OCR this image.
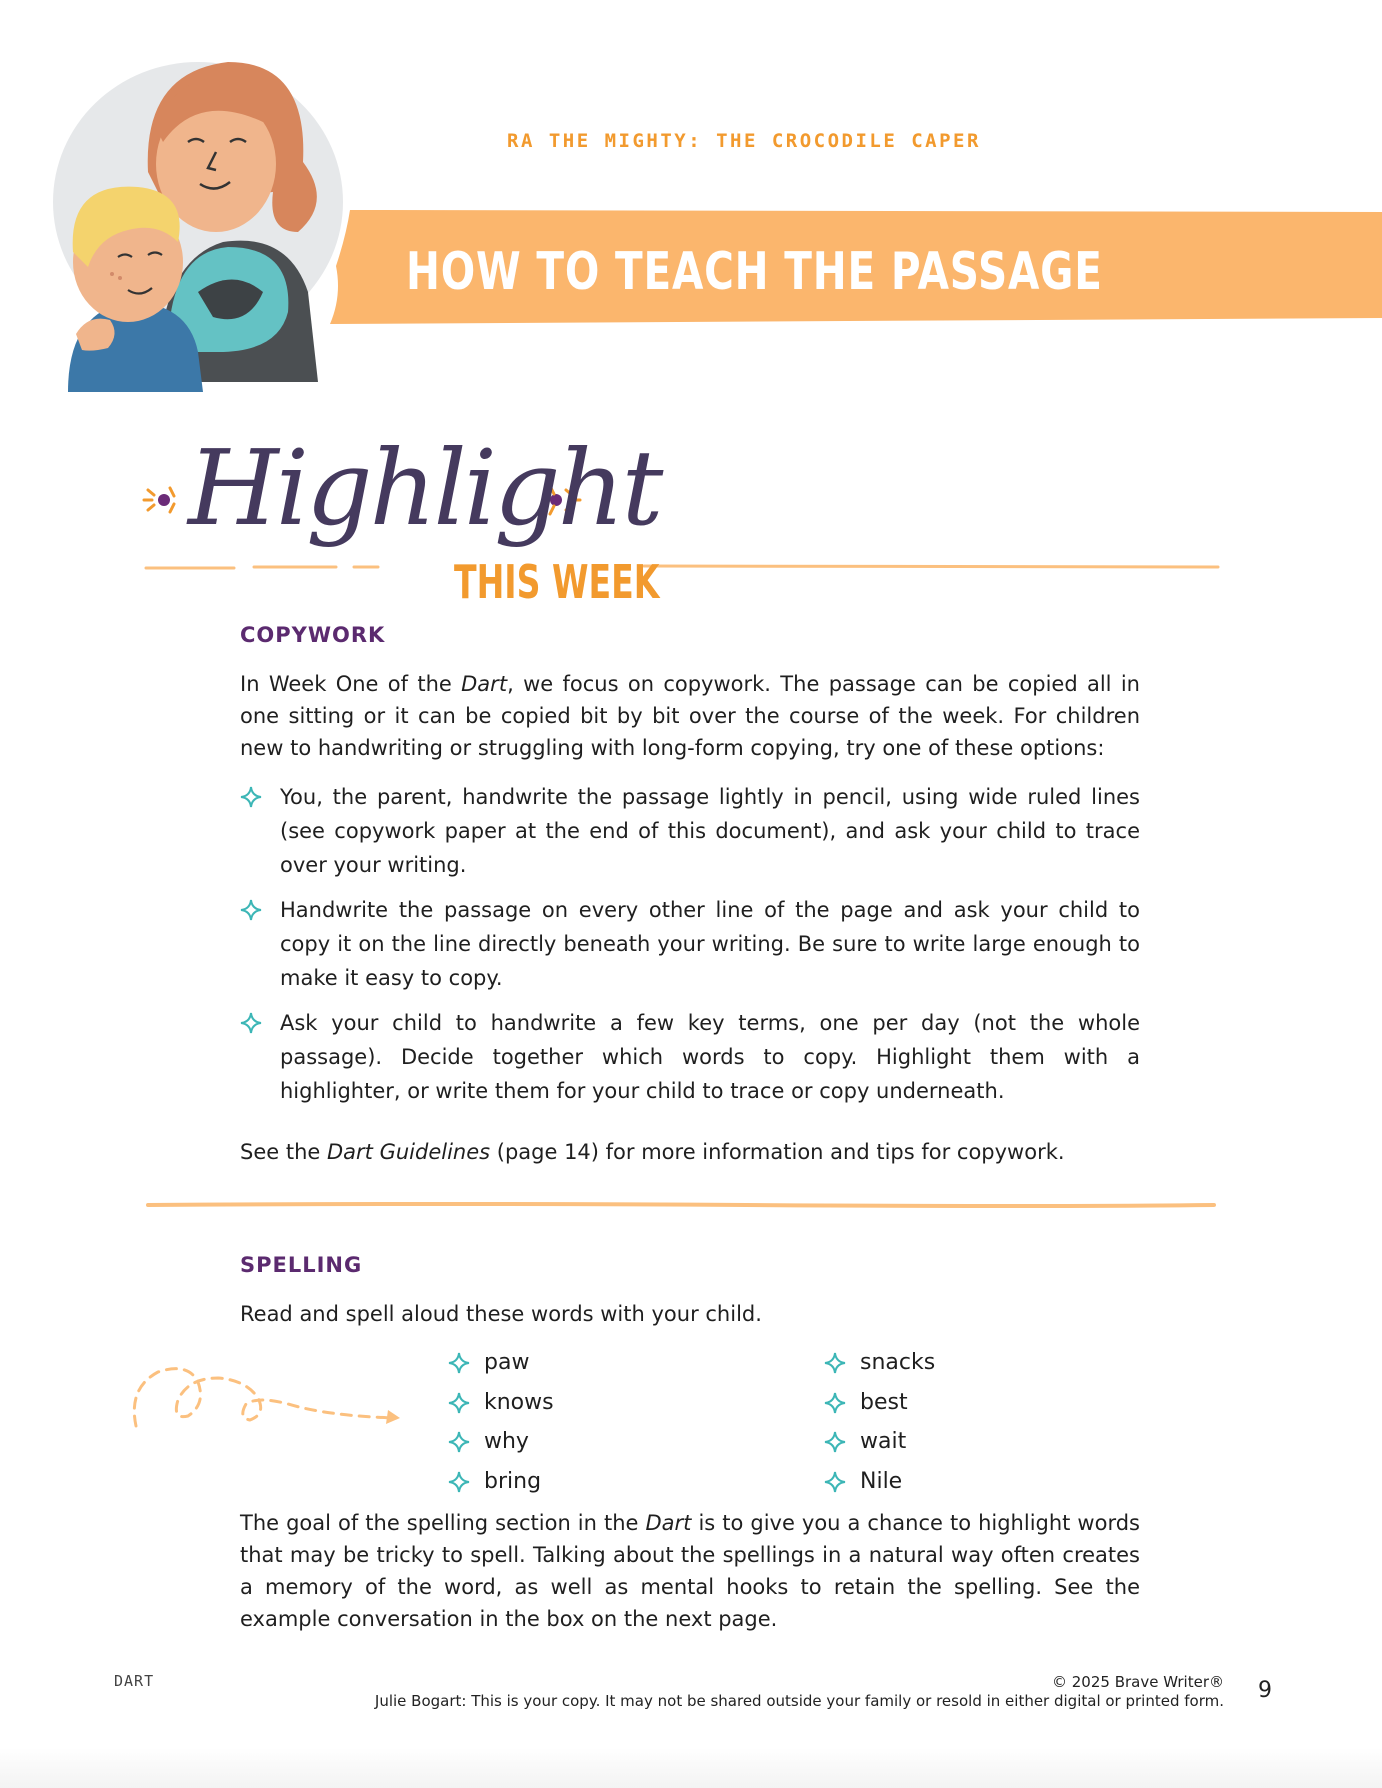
RA THE MIGHTY: THE CROCODILE CAPER
HOW TO TEACH THE PASSAGE
Highlight
THIS WEEK
COPYWORK
In Week One of the Dart, we focus on copywork. The passage can be copied all in one sitting or it can be copied bit by bit over the course of the week. For children new to handwriting or struggling with long-form copying, try one of these options:
You, the parent, handwrite the passage lightly in pencil, using wide ruled lines (see copywork paper at the end of this document), and ask your child to trace over your writing.
Handwrite the passage on every other line of the page and ask your child to copy it on the line directly beneath your writing. Be sure to write large enough to make it easy to copy.
Ask your child to handwrite a few key terms, one per day (not the whole passage). Decide together which words to copy. Highlight them with a highlighter, or write them for your child to trace or copy underneath.
See the Dart Guidelines (page 14) for more information and tips for copywork.
SPELLING
Read and spell aloud these words with your child.
paw
knows
why
bring
snacks
best
wait
Nile
The goal of the spelling section in the Dart is to give you a chance to highlight words that may be tricky to spell. Talking about the spellings in a natural way often creates a memory of the word, as well as mental hooks to retain the spelling. See the example conversation in the box on the next page.
DART	© 2025 Brave Writer®
Julie Bogart: This is your copy. It may not be shared outside your family or resold in either digital or printed form. 9
